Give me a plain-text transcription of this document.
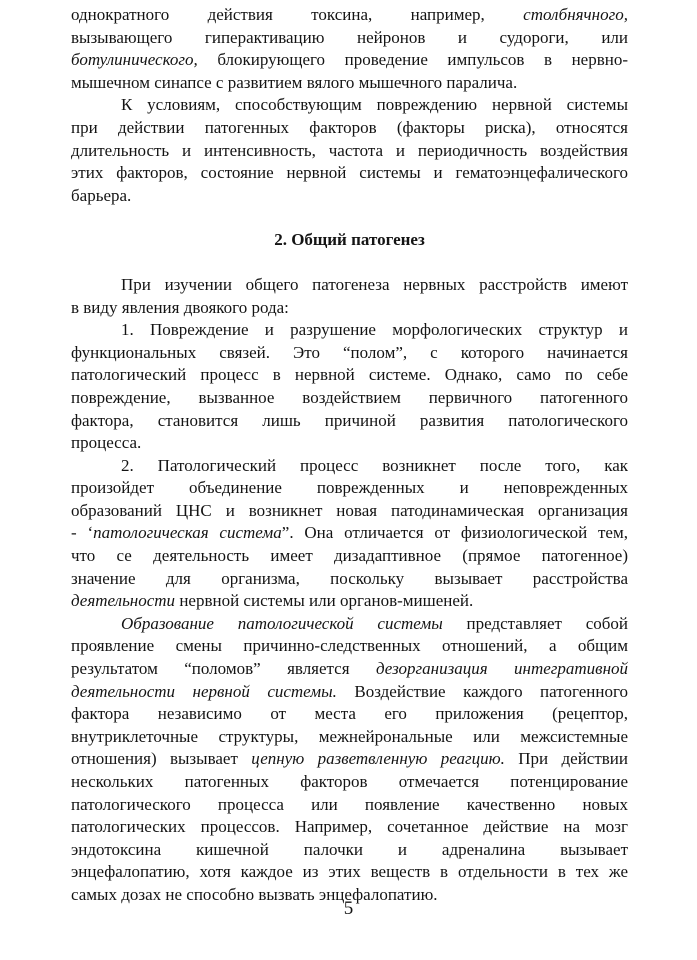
однократного действия токсина, например, столбнячного,
вызывающего гиперактивацию нейронов и судороги, или
ботулинического, блокирующего проведение импульсов в нервно-
мышечном синапсе с развитием вялого мышечного паралича.
К условиям, способствующим повреждению нервной системы
при действии патогенных факторов (факторы риска), относятся
длительность и интенсивность, частота и периодичность воздействия
этих факторов, состояние нервной системы и гематоэнцефалического
барьера.
2. Общий патогенез
При изучении общего патогенеза нервных расстройств имеют
в виду явления двоякого рода:
1. Повреждение и разрушение морфологических структур и
функциональных связей. Это “полом”, с которого начинается
патологический процесс в нервной системе. Однако, само по себе
повреждение, вызванное воздействием первичного патогенного
фактора, становится лишь причиной развития патологического
процесса.
2. Патологический процесс возникнет после того, как
произойдет объединение поврежденных и неповрежденных
образований ЦНС и возникнет новая патодинамическая организация
- ‘патологическая система”. Она отличается от физиологической тем,
что се деятельность имеет дизадаптивное (прямое патогенное)
значение для организма, поскольку вызывает расстройства
деятельности нервной системы или органов-мишеней.
Образование патологической системы представляет собой
проявление смены причинно-следственных отношений, а общим
результатом “поломов” является дезорганизация интегративной
деятельности нервной системы. Воздействие каждого патогенного
фактора независимо от места его приложения (рецептор,
внутриклеточные структуры, межнейрональные или межсистемные
отношения) вызывает цепную разветвленную реагцию. При действии
нескольких патогенных факторов отмечается потенцирование
патологического процесса или появление качественно новых
патологических процессов. Например, сочетанное действие на мозг
эндотоксина кишечной палочки и адреналина вызывает
энцефалопатию, хотя каждое из этих веществ в отдельности в тех же
самых дозах не способно вызвать энцефалопатию.
5
